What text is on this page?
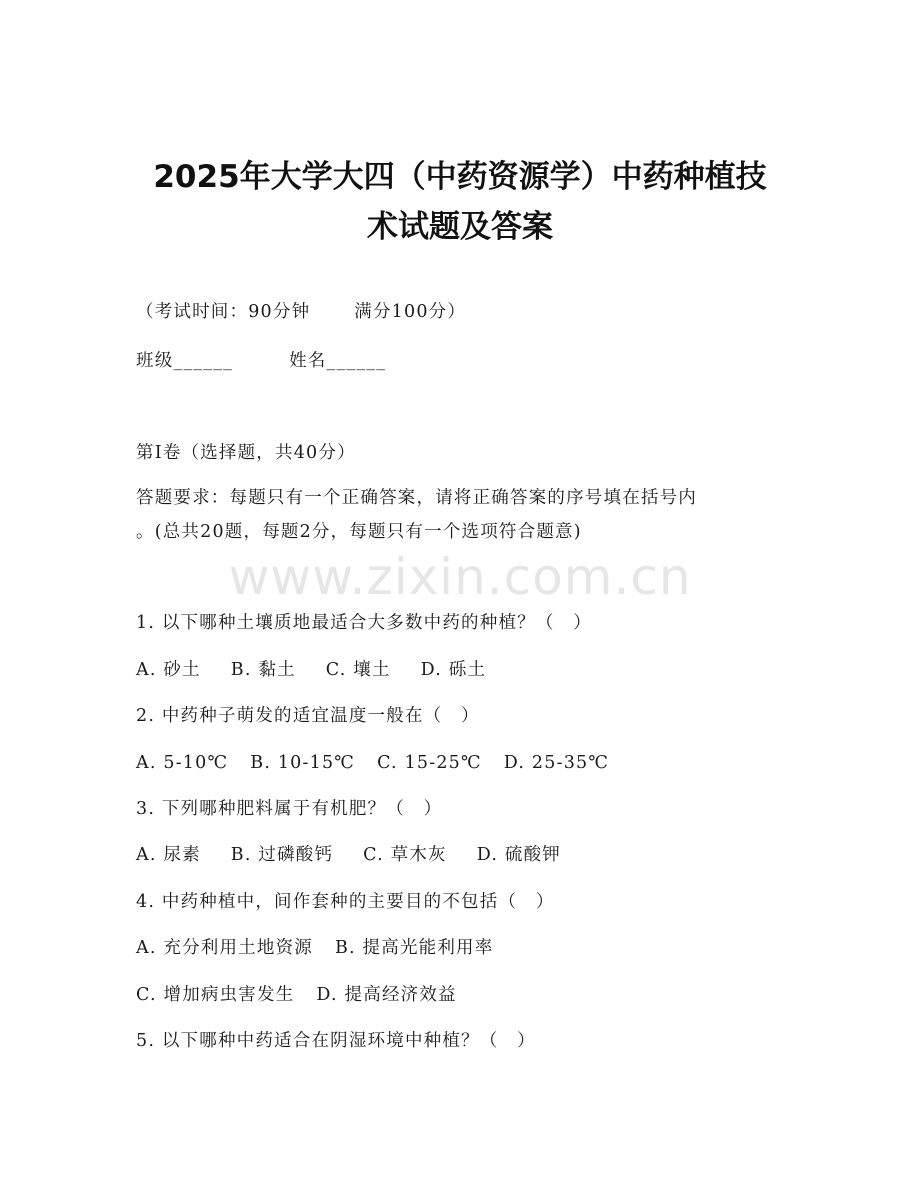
2025年大学大四（中药资源学）中药种植技
术试题及答案
（考试时间：90分钟	满分100分）
班级______	姓名______
第Ⅰ卷（选择题，共40分）
答题要求：每题只有一个正确答案，请将正确答案的序号填在括号内
。(总共20题，每题2分，每题只有一个选项符合题意)
www.zixin.com.cn
1. 以下哪种土壤质地最适合大多数中药的种植？（　）
A. 砂土 B. 黏土 C. 壤土 D. 砾土
2. 中药种子萌发的适宜温度一般在（　）
A. 5-10℃ B. 10-15℃ C. 15-25℃ D. 25-35℃
3. 下列哪种肥料属于有机肥？（　）
A. 尿素 B. 过磷酸钙 C. 草木灰 D. 硫酸钾
4. 中药种植中，间作套种的主要目的不包括（　）
A. 充分利用土地资源 B. 提高光能利用率
C. 增加病虫害发生 D. 提高经济效益
5. 以下哪种中药适合在阴湿环境中种植？（　）
